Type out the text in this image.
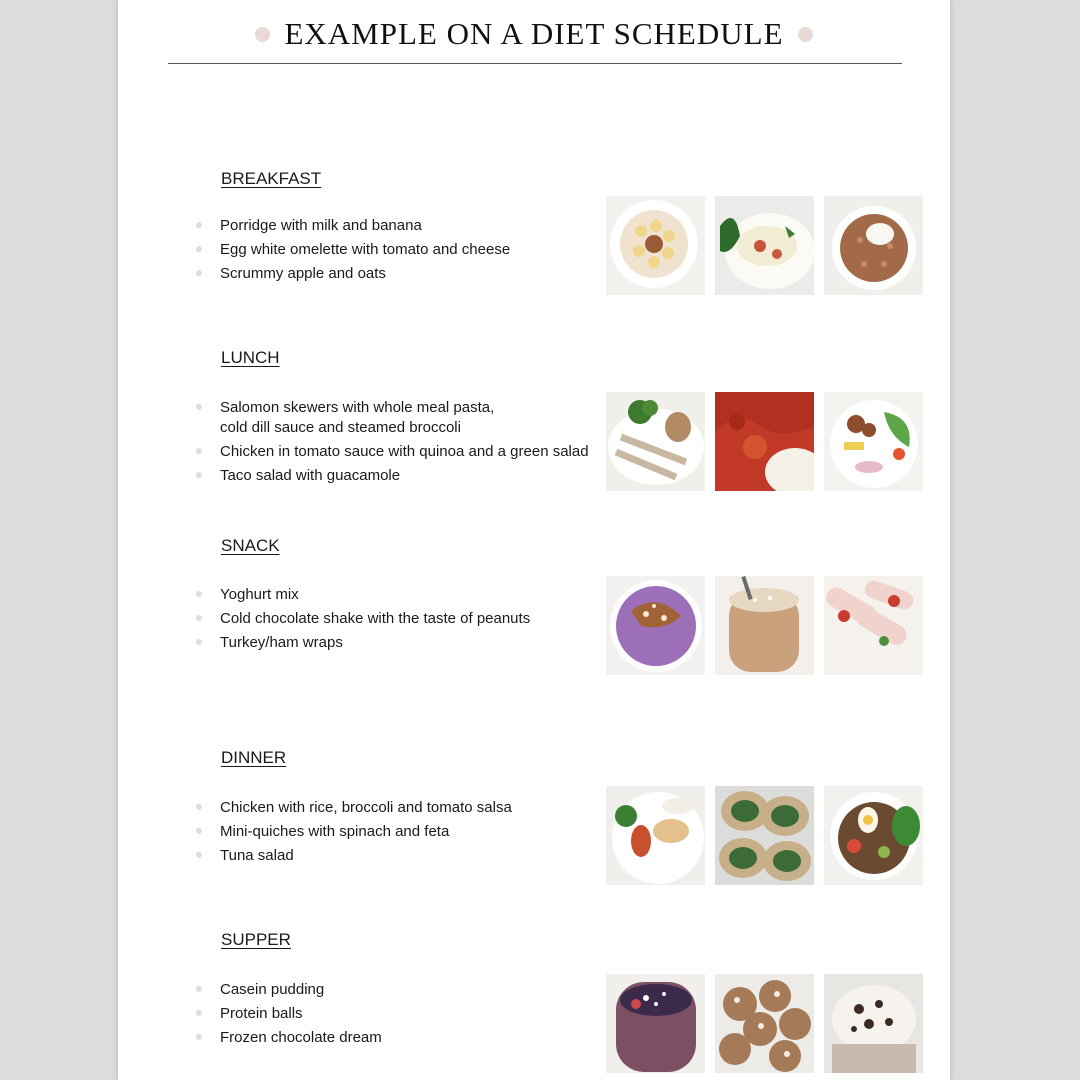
EXAMPLE ON A DIET SCHEDULE
BREAKFAST
Porridge with milk and banana
Egg white omelette with tomato and cheese
Scrummy apple and oats
LUNCH
Salomon skewers with whole meal pasta,
cold dill sauce and steamed broccoli
Chicken in tomato sauce with quinoa and a green salad
Taco salad with guacamole
SNACK
Yoghurt mix
Cold chocolate shake with the taste of peanuts
Turkey/ham wraps
DINNER
Chicken with rice, broccoli and tomato salsa
Mini-quiches with spinach and feta
Tuna salad
SUPPER
Casein pudding
Protein balls
Frozen chocolate dream
